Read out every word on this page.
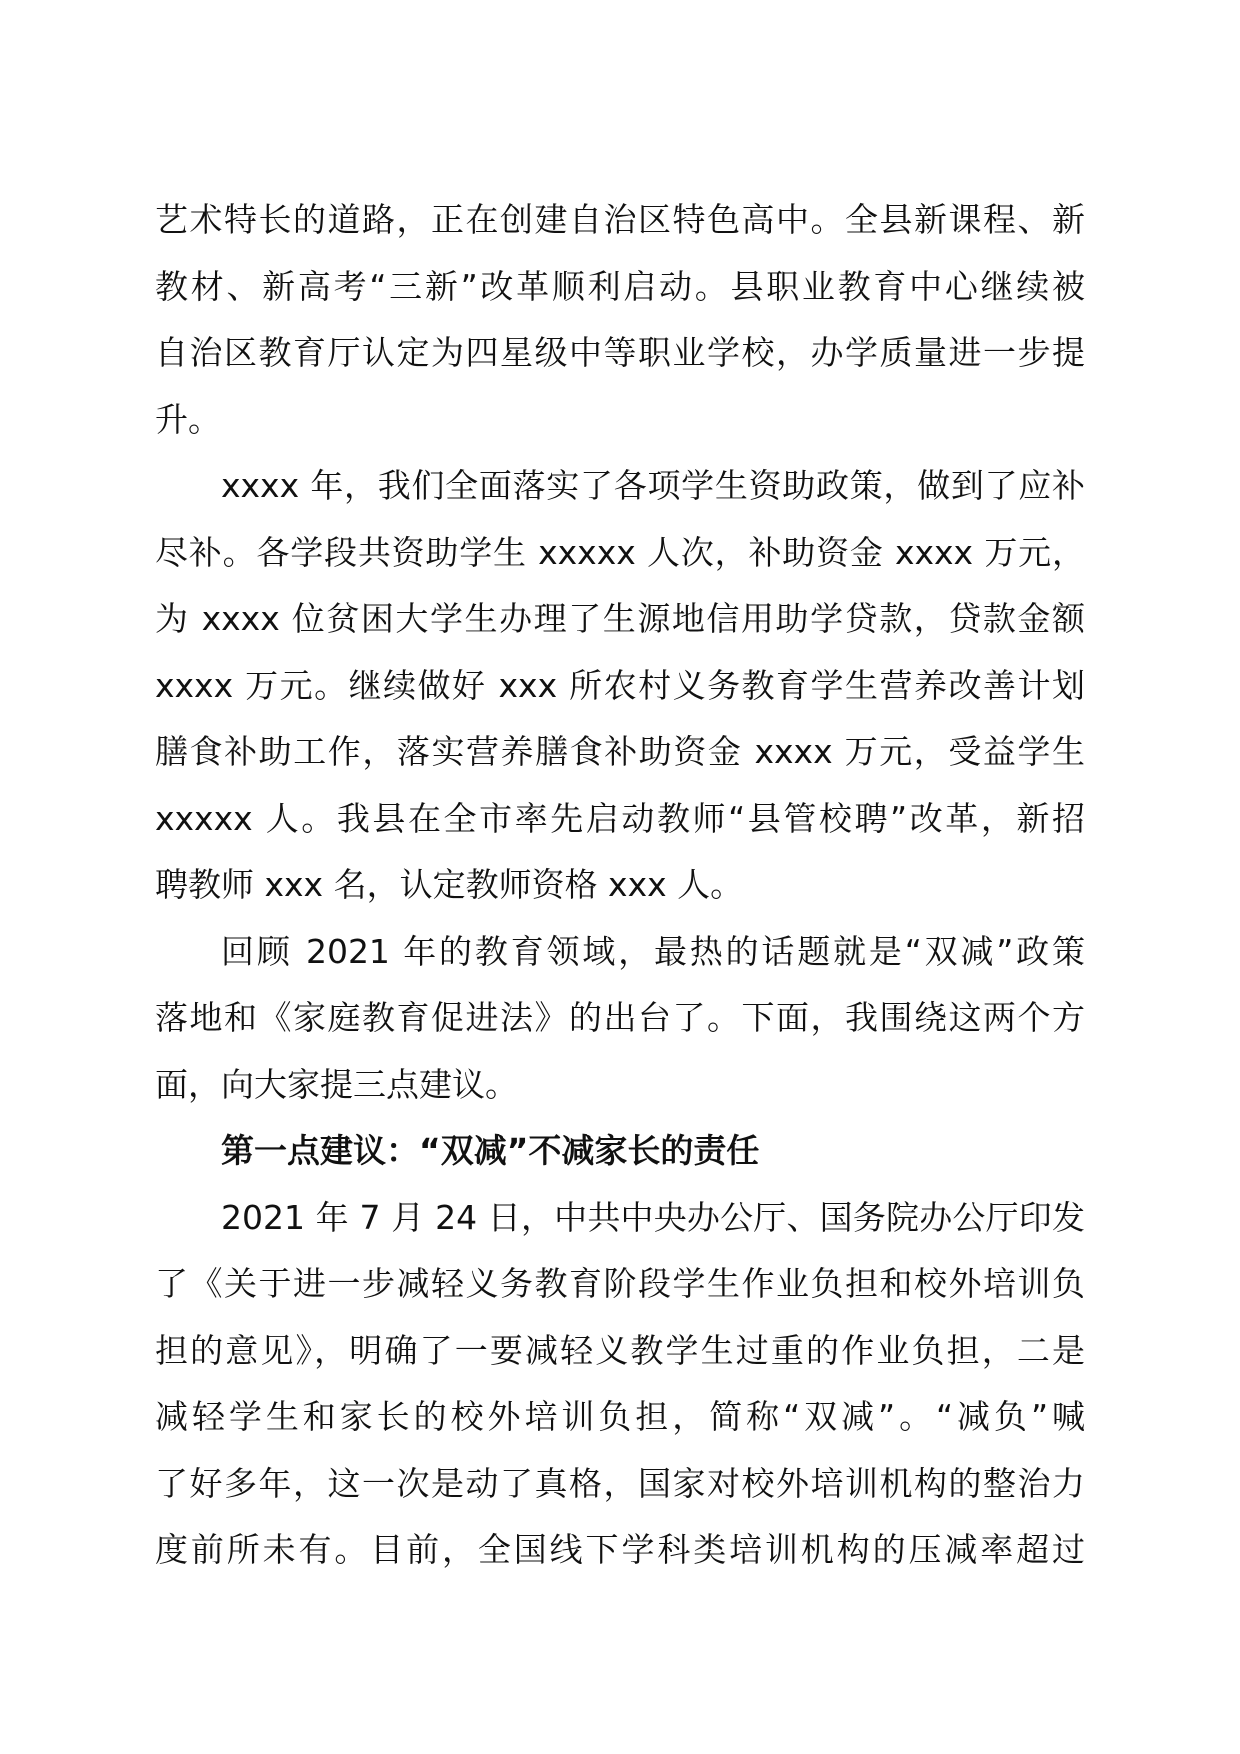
艺术特长的道路，正在创建自治区特色高中。全县新课程、新
教材、新高考“三新”改革顺利启动。县职业教育中心继续被
自治区教育厅认定为四星级中等职业学校，办学质量进一步提
升。
xxxx 年，我们全面落实了各项学生资助政策，做到了应补
尽补。各学段共资助学生 xxxxx 人次，补助资金 xxxx 万元，
为 xxxx 位贫困大学生办理了生源地信用助学贷款，贷款金额
xxxx 万元。继续做好 xxx 所农村义务教育学生营养改善计划
膳食补助工作，落实营养膳食补助资金 xxxx 万元，受益学生
xxxxx 人。我县在全市率先启动教师“县管校聘”改革，新招
聘教师 xxx 名，认定教师资格 xxx 人。
回顾 2021 年的教育领域，最热的话题就是“双减”政策
落地和《家庭教育促进法》的出台了。下面，我围绕这两个方
面，向大家提三点建议。
第一点建议：“双减”不减家长的责任
2021 年 7 月 24 日，中共中央办公厅、国务院办公厅印发
了《关于进一步减轻义务教育阶段学生作业负担和校外培训负
担的意见》，明确了一要减轻义教学生过重的作业负担，二是
减轻学生和家长的校外培训负担，简称“双减”。“减负”喊
了好多年，这一次是动了真格，国家对校外培训机构的整治力
度前所未有。目前，全国线下学科类培训机构的压减率超过
